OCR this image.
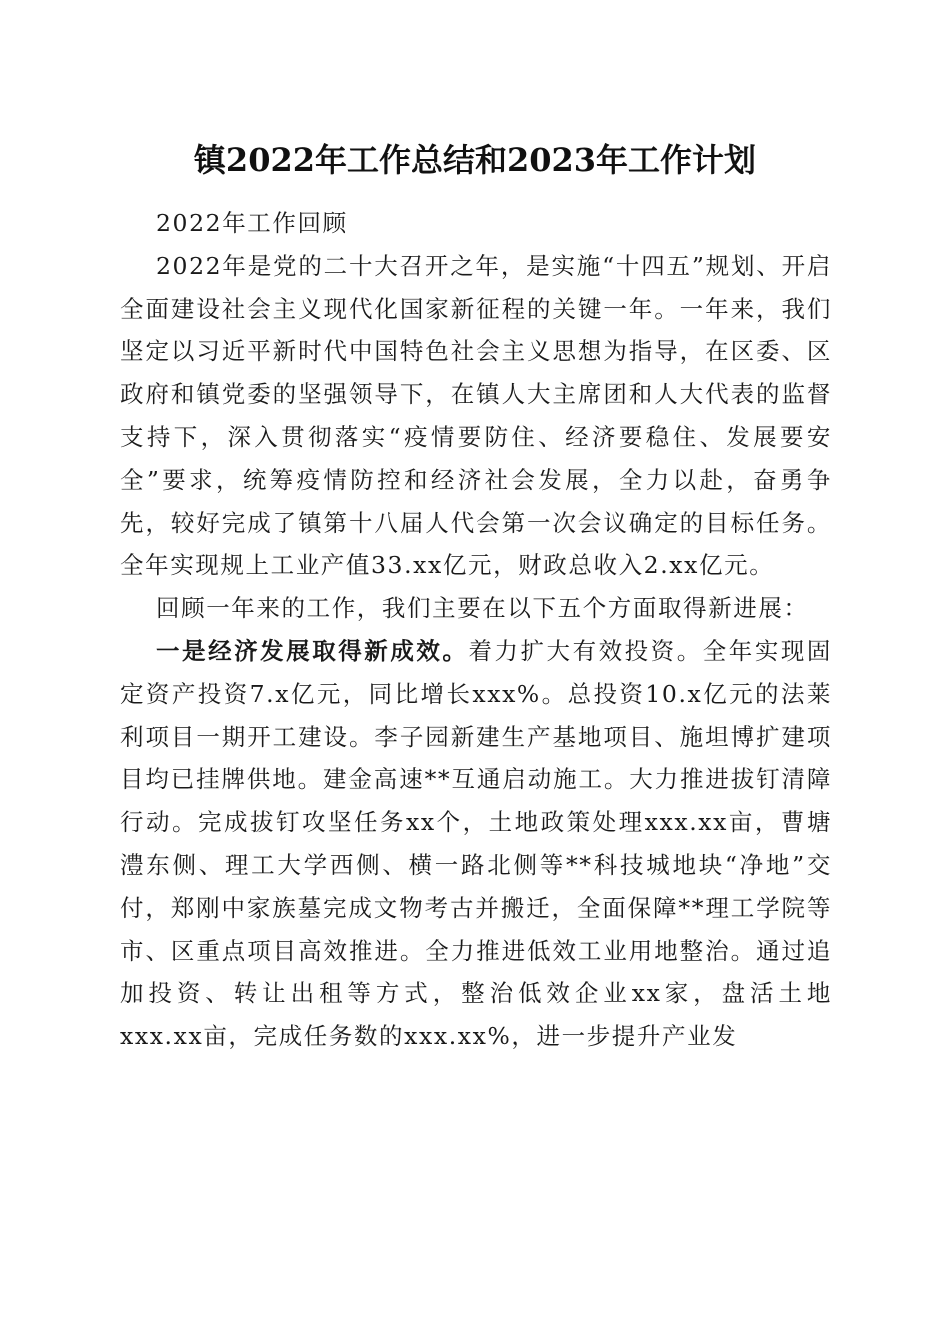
镇2022年工作总结和2023年工作计划

2022年工作回顾

2022年是党的二十大召开之年，是实施“十四五”规划、开启全面建设社会主义现代化国家新征程的关键一年。一年来，我们坚定以习近平新时代中国特色社会主义思想为指导，在区委、区政府和镇党委的坚强领导下，在镇人大主席团和人大代表的监督支持下，深入贯彻落实“疫情要防住、经济要稳住、发展要安全”要求，统筹疫情防控和经济社会发展，全力以赴，奋勇争先，较好完成了镇第十八届人代会第一次会议确定的目标任务。全年实现规上工业产值33.xx亿元，财政总收入2.xx亿元。

回顾一年来的工作，我们主要在以下五个方面取得新进展：

一是经济发展取得新成效。着力扩大有效投资。全年实现固定资产投资7.x亿元，同比增长xxx%。总投资10.x亿元的法莱利项目一期开工建设。李子园新建生产基地项目、施坦博扩建项目均已挂牌供地。建金高速**互通启动施工。大力推进拔钉清障行动。完成拔钉攻坚任务xx个，土地政策处理xxx.xx亩，曹塘澧东侧、理工大学西侧、横一路北侧等**科技城地块“净地”交付，郑刚中家族墓完成文物考古并搬迁，全面保障**理工学院等市、区重点项目高效推进。全力推进低效工业用地整治。通过追加投资、转让出租等方式，整治低效企业xx家，盘活土地xxx.xx亩，完成任务数的xxx.xx%，进一步提升产业发
